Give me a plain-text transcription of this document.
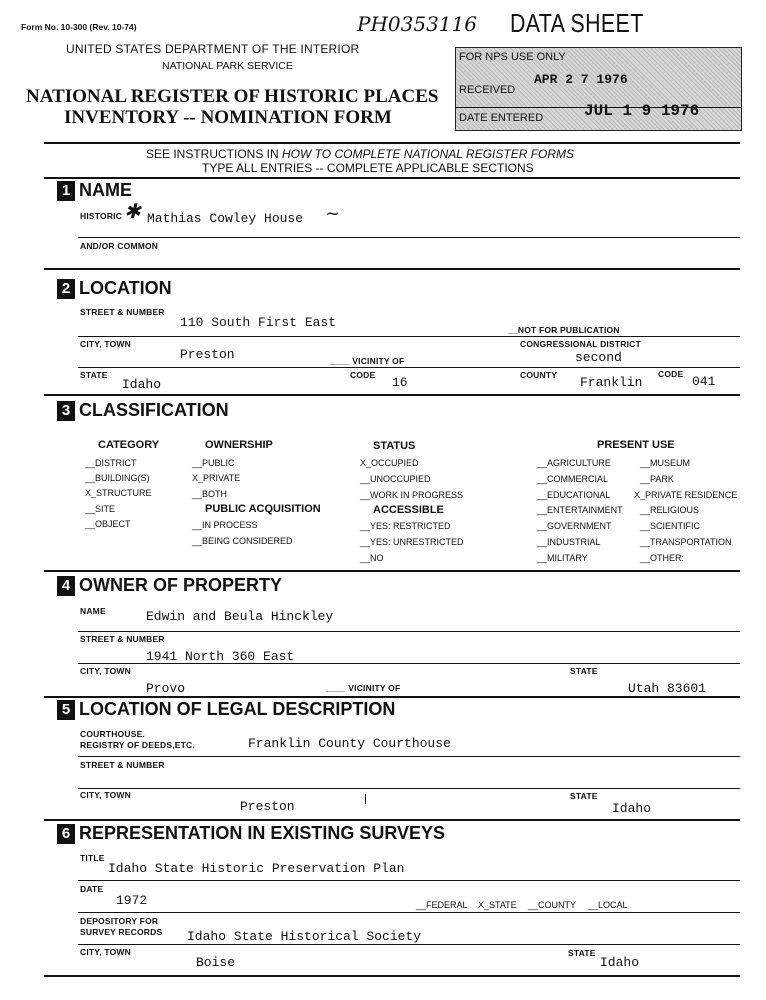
Form No. 10-300 (Rev. 10-74)	PH0353116 DATA SHEET
UNITED STATES DEPARTMENT OF THE INTERIOR
NATIONAL PARK SERVICE
NATIONAL REGISTER OF HISTORIC PLACES
INVENTORY -- NOMINATION FORM
FOR NPS USE ONLY
RECEIVED
APR 2 7 1976
DATE ENTERED	JUL 1 9 1976
SEE INSTRUCTIONS IN HOW TO COMPLETE NATIONAL REGISTER FORMS
TYPE ALL ENTRIES -- COMPLETE APPLICABLE SECTIONS
1 NAME
HISTORIC Mathias Cowley House
✱	~
AND/OR COMMON
2 LOCATION
STREET & NUMBER
110 South First East	__NOT FOR PUBLICATION
CITY, TOWN
Preston	____ VICINITY OF
CONGRESSIONAL DISTRICT
second
STATE
Idaho
CODE 16	COUNTY Franklin
CODE 041
3 CLASSIFICATION
CATEGORY
__DISTRICT
__BUILDING(S)
X_STRUCTURE
__SITE
__OBJECT
OWNERSHIP
__PUBLIC
X_PRIVATE
__BOTH
PUBLIC ACQUISITION
__IN PROCESS
__BEING CONSIDERED
STATUS
X_OCCUPIED
__UNOCCUPIED
__WORK IN PROGRESS
ACCESSIBLE
__YES: RESTRICTED
__YES: UNRESTRICTED
__NO
PRESENT USE
__AGRICULTURE
__COMMERCIAL
__EDUCATIONAL
__ENTERTAINMENT
__GOVERNMENT
__INDUSTRIAL
__MILITARY
__MUSEUM
__PARK
X_PRIVATE RESIDENCE
__RELIGIOUS
__SCIENTIFIC
__TRANSPORTATION
__OTHER:
4 OWNER OF PROPERTY
NAME	Edwin and Beula Hinckley
STREET & NUMBER
1941 North 360 East
CITY, TOWN
Provo	____ VICINITY OF
STATE
Utah 83601
5 LOCATION OF LEGAL DESCRIPTION
COURTHOUSE.
REGISTRY OF DEEDS,ETC.	Franklin County Courthouse
STREET & NUMBER
CITY, TOWN
Preston
STATE
Idaho
6 REPRESENTATION IN EXISTING SURVEYS
TITLE
Idaho State Historic Preservation Plan
DATE
1972	__FEDERAL X_STATE __COUNTY __LOCAL
DEPOSITORY FOR
SURVEY RECORDS Idaho State Historical Society
CITY, TOWN
Boise
STATE
Idaho
